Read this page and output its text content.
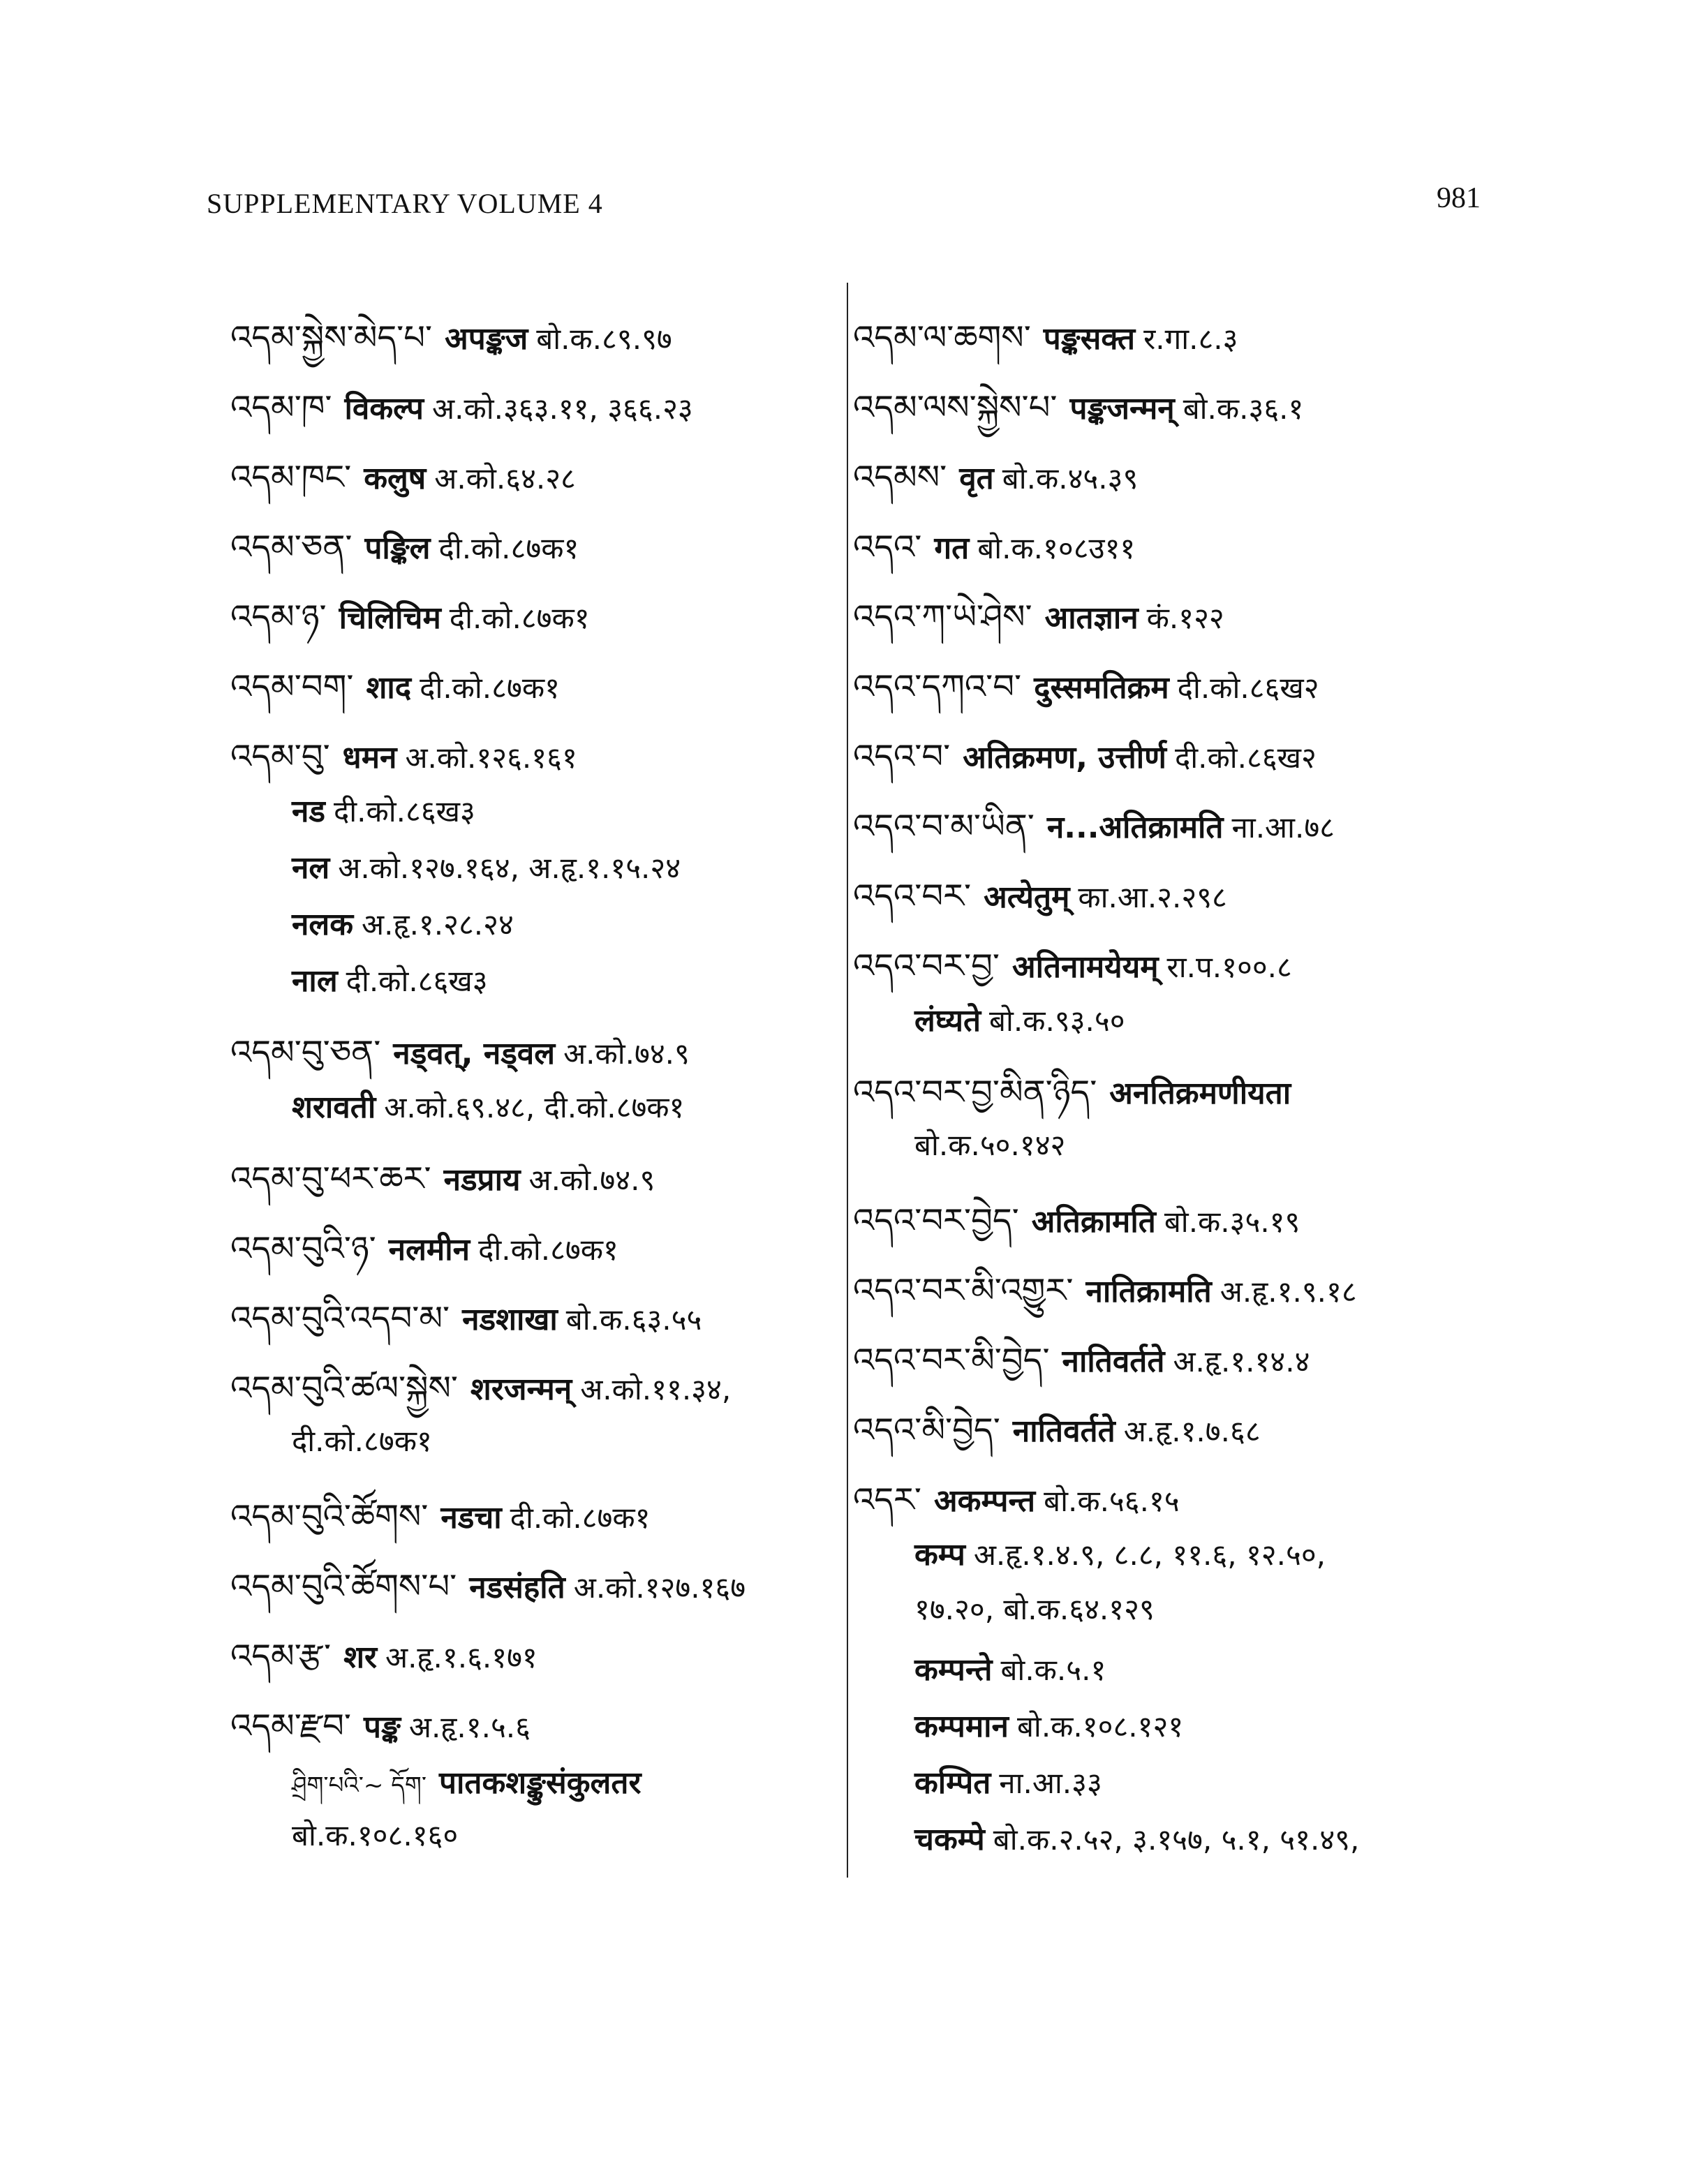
SUPPLEMENTARY VOLUME 4	981
འདམ་སྐྱེས་མེད་པ་ अपङ्कज बो.क.८९.९७
འདམ་ཁ་ विकल्प अ.को.३६३.११, ३६६.२३
འདམ་ཁང་ कलुष अ.को.६४.२८
འདམ་ཅན་ पङ्किल दी.को.८७क१
འདམ་ཉ་ चिलिचिम दी.को.८७क१
འདམ་བག་ शाद दी.को.८७क१
འདམ་བུ་ धमन अ.को.१२६.१६१
नड दी.को.८६ख३
नल अ.को.१२७.१६४, अ.हृ.१.१५.२४
नलक अ.हृ.१.२८.२४
नाल दी.को.८६ख३
འདམ་བུ་ཅན་ नड्वत्, नड्वल अ.को.७४.९
शरावती अ.को.६९.४८, दी.को.८७क१
འདམ་བུ་ཕར་ཆར་ नडप्राय अ.को.७४.९
འདམ་བུའི་ཉ་ नलमीन दी.को.८७क१
འདམ་བུའི་འདབ་མ་ नडशाखा बो.क.६३.५५
འདམ་བུའི་ཚལ་སྐྱེས་ शरजन्मन् अ.को.११.३४,
दी.को.८७क१
འདམ་བུའི་ཚོགས་ नडचा दी.को.८७क१
འདམ་བུའི་ཚོགས་པ་ नडसंहति अ.को.१२७.१६७
འདམ་རྩ་ शर अ.हृ.१.६.१७१
འདམ་རྫབ་ पङ्क अ.हृ.१.५.६
ཤྲིག་པའི་~ དོག་ पातकशङ्कुसंकुलतर
बो.क.१०८.१६०
འདམ་ལ་ཆགས་ पङ्कसक्त र.गा.८.३
འདམ་ལས་སྐྱེས་པ་ पङ्कजन्मन् बो.क.३६.१
འདམས་ वृत बो.क.४५.३९
འདའ་ गत बो.क.१०८उ११
འདའ་ཀ་ཡེ་ཤེས་ आतज्ञान कं.१२२
འདའ་དཀའ་བ་ दुस्समतिक्रम दी.को.८६ख२
འདའ་བ་ अतिक्रमण, उत्तीर्ण दी.को.८६ख२
འདའ་བ་མ་ཡིན་ न...अतिक्रामति ना.आ.७८
འདའ་བར་ अत्येतुम् का.आ.२.२९८
འདའ་བར་བྱ་ अतिनामयेयम् रा.प.१००.८
लंघ्यते बो.क.९३.५०
འདའ་བར་བྱ་མིན་ཉིད་ अनतिक्रमणीयता
बो.क.५०.१४२
འདའ་བར་བྱེད་ अतिक्रामति बो.क.३५.१९
འདའ་བར་མི་འགྱུར་ नातिक्रामति अ.हृ.१.९.१८
འདའ་བར་མི་བྱེད་ नातिवर्तते अ.हृ.१.१४.४
འདའ་མི་བྱེད་ नातिवर्तते अ.हृ.१.७.६८
འདར་ अकम्पन्त बो.क.५६.१५
कम्प अ.हृ.१.४.९, ८.८, ११.६, १२.५०,
१७.२०, बो.क.६४.१२९
कम्पन्ते बो.क.५.१
कम्पमान बो.क.१०८.१२१
कम्पित ना.आ.३३
चकम्पे बो.क.२.५२, ३.१५७, ५.१, ५१.४९,
